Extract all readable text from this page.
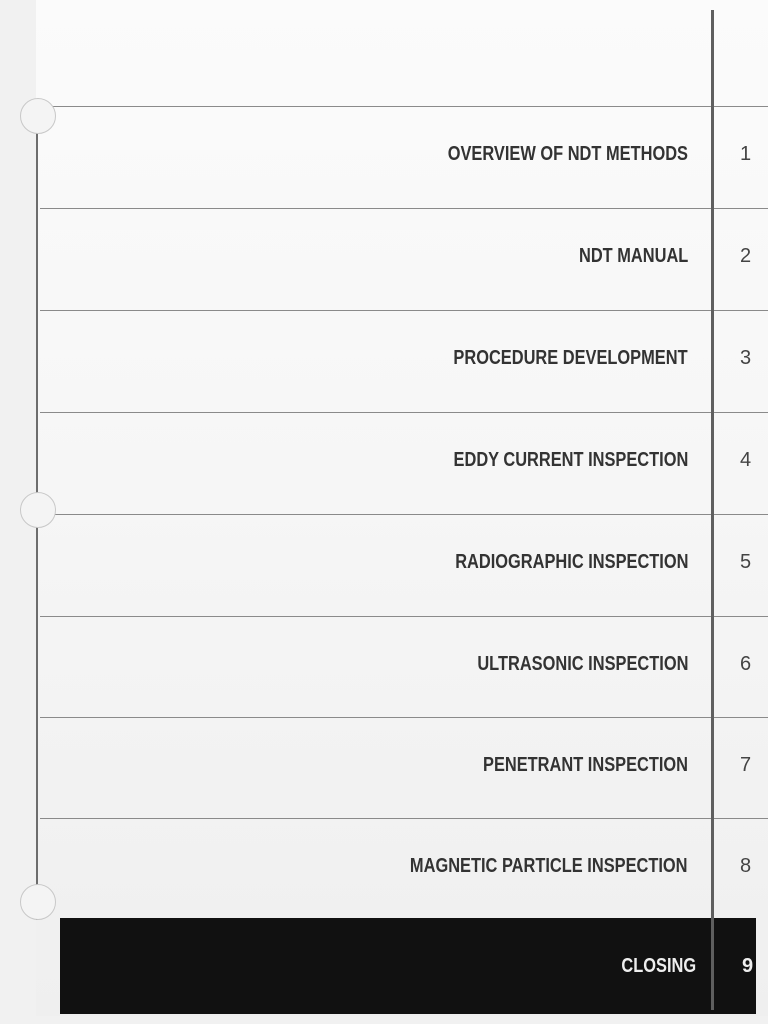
OVERVIEW OF NDT METHODS	1
NDT MANUAL	2
PROCEDURE DEVELOPMENT	3
EDDY CURRENT INSPECTION	4
RADIOGRAPHIC INSPECTION	5
ULTRASONIC INSPECTION	6
PENETRANT INSPECTION	7
MAGNETIC PARTICLE INSPECTION	8
CLOSING 9
